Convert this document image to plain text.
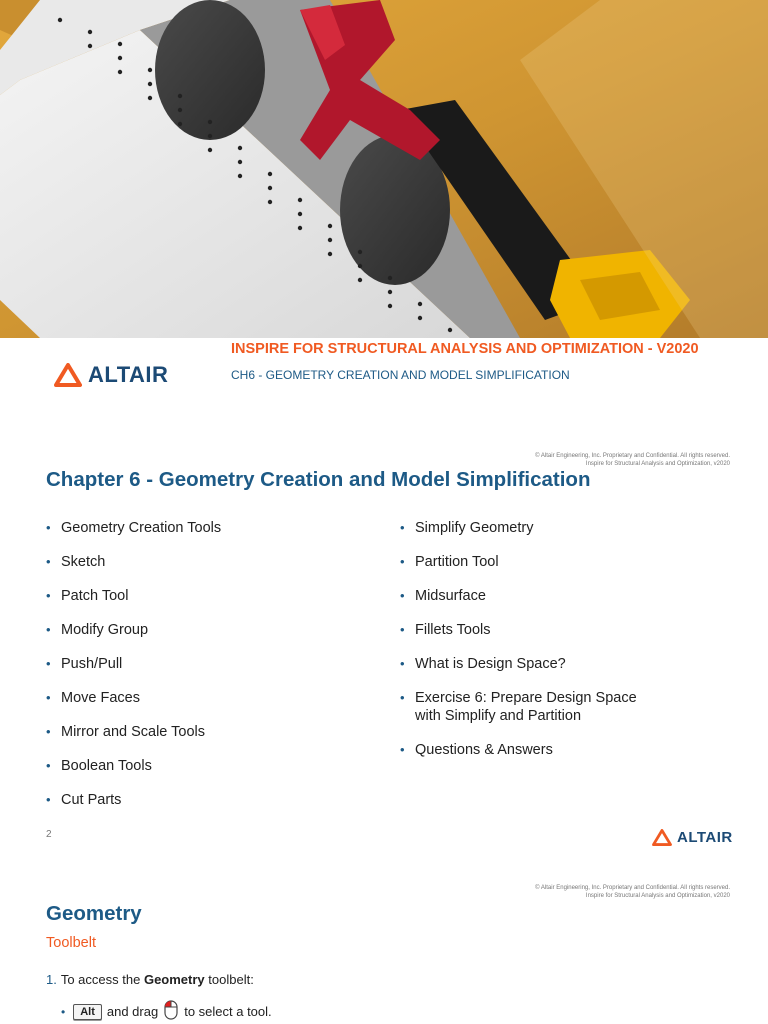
ALTAIR
INSPIRE FOR STRUCTURAL ANALYSIS AND OPTIMIZATION - V2020
CH6 - GEOMETRY CREATION AND MODEL SIMPLIFICATION
© Altair Engineering, Inc. Proprietary and Confidential. All rights reserved.
Inspire for Structural Analysis and Optimization, v2020
Chapter 6 - Geometry Creation and Model Simplification
• Geometry Creation Tools
• Sketch
• Patch Tool
• Modify Group
• Push/Pull
• Move Faces
• Mirror and Scale Tools
• Boolean Tools
• Cut Parts
• Simplify Geometry
• Partition Tool
• Midsurface
• Fillets Tools
• What is Design Space?
• Exercise 6: Prepare Design Space with Simplify and Partition
• Questions & Answers
2	ALTAIR
© Altair Engineering, Inc. Proprietary and Confidential. All rights reserved.
Inspire for Structural Analysis and Optimization, v2020
Geometry
Toolbelt
1. To access the Geometry toolbelt:
•	Alt and drag to select a tool.
